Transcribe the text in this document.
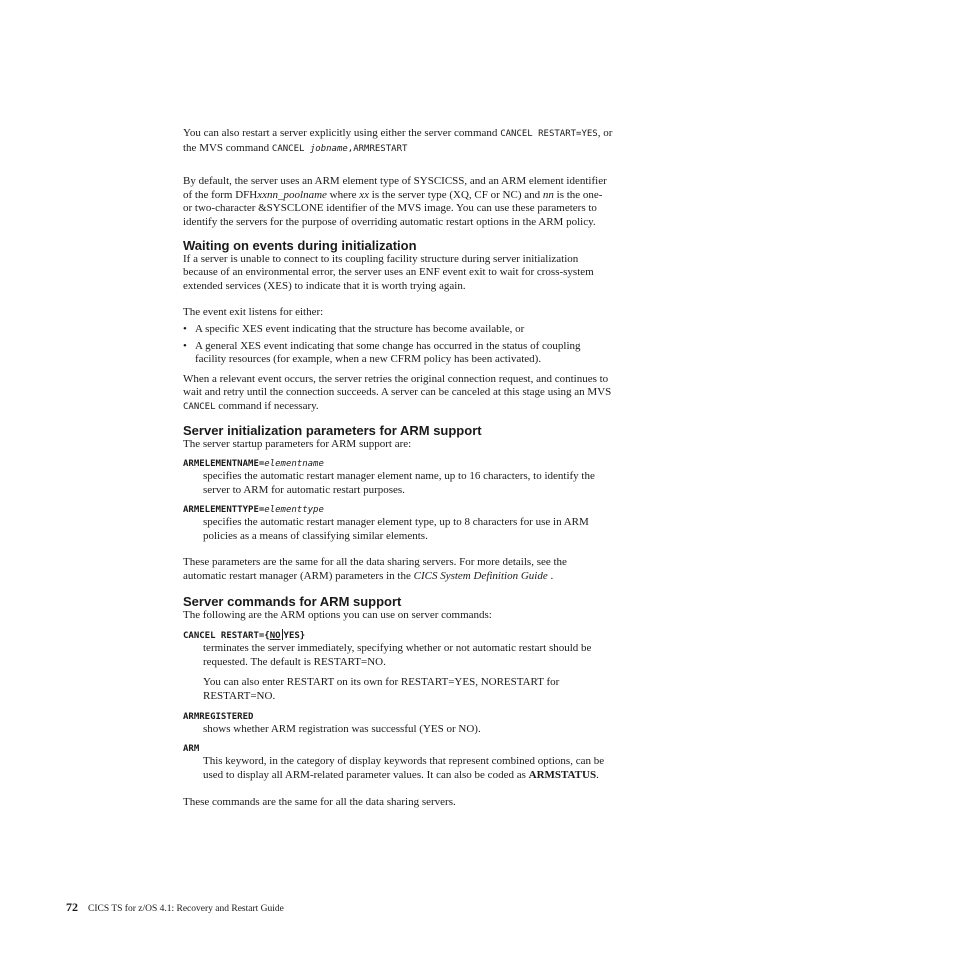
You can also restart a server explicitly using either the server command CANCEL RESTART=YES, or the MVS command CANCEL jobname,ARMRESTART

By default, the server uses an ARM element type of SYSCICSS, and an ARM element identifier of the form DFHxxnn_poolname where xx is the server type (XQ, CF or NC) and nn is the one- or two-character &SYSCLONE identifier of the MVS image. You can use these parameters to identify the servers for the purpose of overriding automatic restart options in the ARM policy.

Waiting on events during initialization

If a server is unable to connect to its coupling facility structure during server initialization because of an environmental error, the server uses an ENF event exit to wait for cross-system extended services (XES) to indicate that it is worth trying again.

The event exit listens for either:

• A specific XES event indicating that the structure has become available, or
• A general XES event indicating that some change has occurred in the status of coupling facility resources (for example, when a new CFRM policy has been activated).

When a relevant event occurs, the server retries the original connection request, and continues to wait and retry until the connection succeeds. A server can be canceled at this stage using an MVS CANCEL command if necessary.

Server initialization parameters for ARM support

The server startup parameters for ARM support are:

ARMELEMENTNAME=elementname

specifies the automatic restart manager element name, up to 16 characters, to identify the server to ARM for automatic restart purposes.

ARMELEMENTTYPE=elementtype

specifies the automatic restart manager element type, up to 8 characters for use in ARM policies as a means of classifying similar elements.

These parameters are the same for all the data sharing servers. For more details, see the automatic restart manager (ARM) parameters in the CICS System Definition Guide .

Server commands for ARM support

The following are the ARM options you can use on server commands:

CANCEL RESTART={NO YES}

terminates the server immediately, specifying whether or not automatic restart should be requested. The default is RESTART=NO.

You can also enter RESTART on its own for RESTART=YES, NORESTART for RESTART=NO.

ARMREGISTERED

shows whether ARM registration was successful (YES or NO).

ARM

This keyword, in the category of display keywords that represent combined options, can be used to display all ARM-related parameter values. It can also be coded as ARMSTATUS.

These commands are the same for all the data sharing servers.

72 CICS TS for z/OS 4.1: Recovery and Restart Guide
